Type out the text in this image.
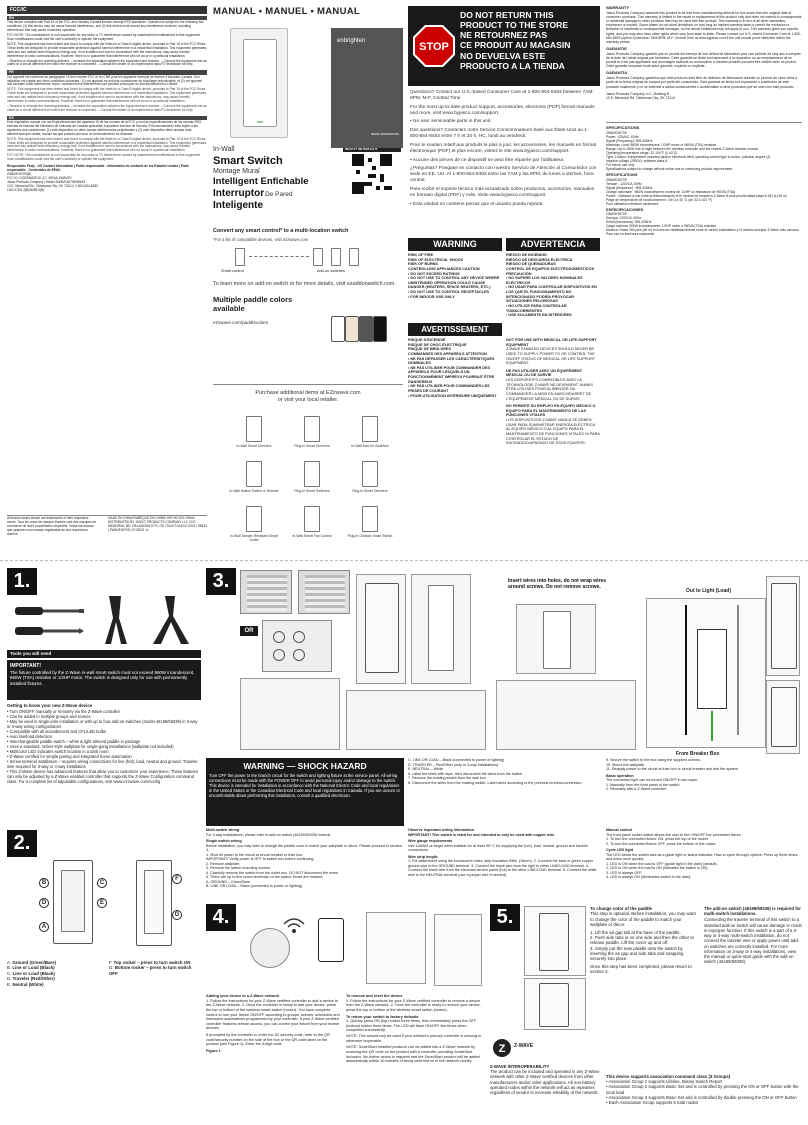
FCC/IC
EN

This device complies with Part 15 of the FCC and Industry Canada license-exempt RSS standards. Operation is subject to the following two conditions: (1) this device may not cause harmful interference, and (2) this device must accept any interference received, including interference that may cause undesired operation.

FCC NOTE: The manufacturer is not responsible for any radio or TV interference caused by unauthorized modifications to this equipment. Such modifications could void the user's authority to operate the equipment.

NOTE: This equipment has been tested and found to comply with the limits for a Class B digital device, pursuant to Part 15 of the FCC Rules. These limits are designed to provide reasonable protection against harmful interference in a residential installation. This equipment generates, uses and can radiate radio frequency energy and, if not installed and used in accordance with the instructions, may cause harmful interference to radio communications. However, there is no guarantee that interference will not occur in a particular installation.

– Reorient or relocate the receiving antenna. – Increase the separation between the equipment and receiver. – Connect the equipment into an outlet on a circuit different from which the receiver is connected. – Consult the dealer or an experienced radio/TV technician for help.

FR

Cet appareil est conforme au paragraphe 15 des normes FCC et au CNR pour les appareils exempts de licence d'Industrie Canada. Son utilisation est sujette aux deux conditions suivantes : (1) cet appareil ne doit pas occasionner de brouillage préjudiciable, et (2) cet appareil doit accepter toute interférence reçue, notamment les interférences qui peuvent provoquer un fonctionnement non désiré.

NOTE: This equipment has been tested and found to comply with the limits for a Class B digital device, pursuant to Part 15 of the FCC Rules. These limits are designed to provide reasonable protection against harmful interference in a residential installation. This equipment generates, uses and can radiate radio frequency energy and, if not installed and used in accordance with the instructions, may cause harmful interference to radio communications. However, there is no guarantee that interference will not occur in a particular installation.

– Reorient or relocate the receiving antenna. – Increase the separation between the equipment and receiver. – Connect the equipment into an outlet on a circuit different from which the receiver is connected. – Consult the dealer or an experienced radio/TV technician for help.

ES

Este dispositivo cumple con las Especificaciones del apartado 15 de las normas de la FCC y con las especificaciones de las normas RSS exentas de licencia del Ministerio de Industria de Canadá aplicables a aparatos exentos de licencia. El funcionamiento está sujeto a las siguientes dos condiciones: (1) este dispositivo no debe causar interferencias perjudiciales y (2) este dispositivo debe aceptar toda interferencia que reciba, incluso las que puedan provocar un funcionamiento no deseado.

NOTE: This equipment has been tested and found to comply with the limits for a Class B digital device, pursuant to Part 15 of the FCC Rules. These limits are designed to provide reasonable protection against harmful interference in a residential installation. This equipment generates, uses and can radiate radio frequency energy and, if not installed and used in accordance with the instructions, may cause harmful interference to radio communications. However, there is no guarantee that interference will not occur in a particular installation.

FCC NOTE: The manufacturer is not responsible for any radio or TV interference caused by unauthorized modifications to this equipment. Such modifications could void the user's authority to operate the equipment.

Responsible Party - US Contact Information | Partie responsable - Information de contacte de les Estados Unidos | Parte responsable - Contenidos de EEUU

ZWAVE45709(N)
FCC ID: GOE2WAVE10 | IC: 4924A-ZWAVE0
Jasco Products Company | Model ZWAVE45709/58433
10 E. Memorial Rd., Oklahoma City, OK 73114 | 1-800-654-8483
CAN ICES-3(B)/NMB-3(B)

All brand names shown are trademarks of their respective owner. Tous les noms de marque illustrés sont des marques de commerce de leurs propriétaires respectifs. Todas las marcas que aparecen son marcas registradas de sus respectivos dueños.

MADE IN CHINA/FABRIQUÉ EN CHINE/ HECHO EN CHINA DISTRIBUTED BY JASCO PRODUCTS COMPANY LLC 10 E. MEMORIAL RD. OKLAHOMA CITY, OK 73114 ©JASCO 2021 | 58433 | ZWAVE45709 | 07/28/21 v1

MANUAL • MANUEL • MANUAL
enbrighten
58433 ZWAVE45709
In-Wall
Smart Switch
Montage Mural
Intelligent Enfichable
Interruptor De Pared
Inteligente
READ IT OR WATCH IT
Convert any smart control* to a multi-location switch
*For a list of compatible devices, visit ezzwave.com
Smart control	Add-on switches
To learn more on add-on switch or for more details, visit ezaddonswitch.com.
Multiple paddle colors available
ezzwave.com/paddlecolors
Purchase additional items at EZzwave.com or visit your local retailer.
In-Wall Smart Dimmers	Plug-In Smart Dimmers	In-Wall Add-On Switches
In-Wall Motion Switch or Dimmer	Plug-In Smart Switches	Plug-In Smart Dimmers
In-Wall Tamper-Resistant Smart Outlet
In-Wall Smart Fan Control	Plug-In Outdoor Smart Switch
STOP
DO NOT RETURN THIS
PRODUCT TO THE STORE
NE RETOURNEZ PAS
CE PRODUIT AU MAGASIN
NO DEVUELVA ESTE
PRODUCTO A LA TIENDA

Questions? Contact our U.S.-based Consumer Care at 1-800-654-8483 between 7AM-8PM, M-F, Central Time.

For the most up-to-date product support, accessories, electronic (PDF) format manuals and more, visit www.byjasco.com/support.

• No user serviceable parts in this unit.

Des questions? Contactez notre Service Consommateurs basé aux États-Unis au 1-800-654-8483 entre 7 h et 20 h, HC, lundi au vendredi.

Pour le soutien relatif aux produits le plus à jour, les accessoires, les manuels en format électronique (PDF) et plus encore, visitez le site www.byjasco.com/support.

• Aucune des pièces de ce dispositif ne peut être réparée par l'utilisateur.

¿Preguntas? Póngase en contacto con nuestro Servicio de Atención al Consumidor con sede en EE. UU. Al 1-800-654-8483 entre las 7AM y las 8PM, de lunes a viernes, hora central.

Para recibir el soporte técnico más actualizado sobre productos, accesorios, manuales en formato digital (PDF) y más, visite www.byjasco.com/support.

• Esta unidad no contiene piezas que el usuario pueda reparar.

WARNING	ADVERTENCIA
RISK OF FIRE
RISK OF ELECTRICAL SHOCK
RISK OF BURNS
CONTROLLING APPLIANCES CAUTION
• DO NOT EXCEED RATINGS
• DO NOT USE TO CONTROL ANY DEVICE WHERE UNINTENDED OPERATION COULD CAUSE DANGER (HEATERS, SPACE HEATERS, ETC.)
• DO NOT USE TO CONTROL RECEPTACLES
• FOR INDOOR USE ONLY
RIESGO DE INCENDIO
RIESGO DE DESCARGA ELÉCTRICA
RIESGO DE QUEMADURAS
CONTROL DE EQUIPOS ELECTRODOMÉSTICOS PRECAUCIÓN
• NO SUPERE LOS VALORES NOMINALES ELÉCTRICOS
• NO USAR PARA CONTROLAR DISPOSITIVOS EN LOS QUE EL FUNCIONAMIENTO NO INTENCIONADO PODRÍA PROVOCAR SITUACIONES PELIGROSAS
• NO UTILICE PARA CONTROLAR TOMACORRIENTES
• USE SOLAMENTE EN INTERIORES
AVERTISSEMENT
RISQUE D'INCENDIE
RISQUE DE CHOC ÉLECTRIQUE
RISQUE DE BRÛLURES
COMMANDES DES APPAREILS ATTENTION
• NE PAS DÉPASSER LES CARACTÉRISTIQUES NOMINALES
• NE PAS UTILISER POUR COMMANDER DES APPAREILS POUR LESQUELS UN FONCTIONNEMENT IMPRÉVU POURRAIT ÊTRE DANGEREUX
• NE PAS UTILISER POUR COMMANDER LES PRISES DE COURANT
• POUR UTILISATION INTÉRIEURE UNIQUEMENT

NOT FOR USE WITH MEDICAL OR LIFE-SUPPORT EQUIPMENT

Z-WAVE ENABLED DEVICES SHOULD NEVER BE USED TO SUPPLY POWER TO OR CONTROL THE ON/OFF STATUS OF MEDICAL OR LIFE SUPPORT EQUIPMENT.

NE PAS UTILISER AVEC UN ÉQUIPEMENT MÉDICAL OU DE SURVIE

LES DISPOSITIFS COMPATIBLES AVEC LA TECHNOLOGIE Z-WAVE NE DEVRAIENT JAMAIS ÊTRE UTILISÉS POUR ALIMENTER OU COMMANDER LA MISE EN MARCHE/ARRÊT DE L'ÉQUIPEMENT MÉDICAL OU DE SURVIE.

NO PERMITE SU EMPLEO EN EQUIPO MÉDICO O EQUIPO PARA EL MANTENIMIENTO DE LAS FUNCIONES VITALES

LOS DISPOSITIVOS Z-WAVE NUNCA SE DEBEN USAR PARA SUMINISTRAR ENERGÍA ELÉCTRICA AL EQUIPO MÉDICO O AL EQUIPO PARA EL MANTENIMIENTO DE FUNCIONES VITALES NI PARA CONTROLAR EL ESTADO DE ENCENDIDO/APAGADO DE ESOS EQUIPOS.

WARRANTY

Jasco Products Company warrants this product to be free from manufacturing defects for five years from the original date of consumer purchase. This warranty is limited to the repair or replacement of this product only and does not extend to consequential or incidental damage to other products that may be used with this product. This warranty is in lieu of all other warranties, expressed or implied. Some states do not allow limitations on how long an implied warranty lasts or permit the exclusion or limitation of incidental or consequential damages, so the above limitations may not apply to you. This warranty gives you specific rights, and you may also have other rights which vary from state to state. Please contact our U.S.-based Consumer Care at 1-800-654-8483 (option 4) between 7AM-8PM, M-F, Central Time at www.byjasco.com if the unit should prove defective within the warranty period.

GARANTIE

Jasco Products Company garantit que ce produit est exempt de tout défaut de fabrication pour une période de cinq ans à compter de la date de l'achat original par l'acheteur. Cette garantie se limite exclusivement à la réparation ou au remplacement de ce produit et n'est pas applicable aux dommages indirects ou accessoires à d'autres produits pouvant être utilisés avec ce produit. Cette garantie remplace toute autre garantie, explicite ou implicite.

GARANTÍA

Jasco Products Company garantiza que este producto está libre de defectos de fabricación durante un período de cinco años a partir de la fecha original de compra por parte del consumidor. Esta garantía se limita a la reparación o sustitución de este producto solamente y no se extiende a daños consecuentes o accidentales a otros productos que se usen con este producto.

Jasco Products Company LLC, Building B

10 E. Memorial Rd. Oklahoma City, OK 73114

SPECIFICATIONS
ZWAVE45709
Power: 120VAC, 60Hz
Signal (Frequency): 908.42MHz
Maximum Load: 960W incandescent; 1/2HP motor or 960VA (TSA) resistive
Range: Up to 150ft. line of sight between the wireless controller and the closest Z-Wave receiver module
Operating temperature range: 32-104°F (0-40°C)
Type 1 Action: Independent mounted (and/or electronic wire) operating control type to action, pollution degree (2)
Impulse voltage (2500V), software class A
For indoor use only
Specifications subject to change without notice due to continuing product improvement.
SPÉCIFICATIONS
ZWAVE45709
Tension : 120VCA, 60Hz
Signal (fréquence) : 908,42MHz
Charge maximale : 960W incandescent; moteur de 1/2HP ou résistance de 960VA (TSA)
Portée : Distance à vue entre la télécommande et le module de réception Z-Wave le plus proche allant jusqu'à 150 pi (46 m)
Plage de température de fonctionnement : De 0 à 40 °C (de 32 à 104 °F)
Pour utilisation intérieure seulement
ESPECIFICACIONES
ZWAVE45709
Energía: 120VCA, 60Hz
Señal (frecuencia): 908,42MHz
Carga máxima: 960W incandescente; 1/2HP motor o 960VA (TSA) resistiva
Alcance: Hasta 150 pies (46 m) en línea de visibilidad directa entre el control inalámbrico y el módulo receptor Z-Wave más cercano
Para uso en interiores solamente
1.
Tools you will need
IMPORTANT!

The fixture controlled by the Z-Wave in-wall smart switch must not exceed 960W incandescent, 960W (TSA) resistive or 1/2HP motor. The switch is designed only for use with permanently installed fixtures.

Getting to know your new Z-Wave device
• Turn ON/OFF manually or remotely via the Z-Wave controller
• Can be added in multiple groups and scenes
• May be used in single-pole installation or with up to four add-on switches (model 46199/59339) in 3-way or 4-way wiring configurations
• Compatible with all incandescent and CFL/LED bulbs
• Auto line/load detection
• Interchangeable paddle switch – white & light almond paddle in package
• Uses a standard, rocker-style wallplate for single-gang installations (wallplate not included)
• Multicolor LED indicates switch location in a dark room
• Z-Wave certified for simple pairing and integrated home automation
• Screw terminal installation – requires wiring connections for live (hot), load, neutral and ground. Traveler wire required for 3-way or 4-way installation
• This Z-Wave device has advanced features that allow you to customize your experience. These features can only be adjusted by a Z-Wave enabled controller that supports the Z-Wave Configuration command class. For a complete list of adjustable configurations, visit www.ezzwave.com/config
2.
B
D
A
C
E
F
G
A. Ground (Green/Bare)
B. Line or Load (Black)
C. Line or Load (Black)
D. Traveler (Red/Other)
E. Neutral (White)
F. Top rocker – press to turn switch ON
G. Bottom rocker – press to turn switch OFF
3.
OR
Insert wires into holes, do not wrap wires around screws. Do not remove screws.
Out to Light (Load)
From Breaker Box
WARNING — SHOCK HAZARD

Turn OFF the power to the branch circuit for the switch and lighting fixture at the service panel. All wiring connections must be made with the POWER OFF to avoid personal injury and/or damage to the switch. This device is intended for installation in accordance with the National Electric Code and local regulations in the United States or the Canadian Electrical Code and local regulations in Canada. If you are unsure or uncomfortable about performing this installation, consult a qualified electrician.

C. LINE OR LOAD – Black (connected to power or lighting)
D. TRAVELER – Red/Other (only in 3-way installations)
E. NEUTRAL – White
6. Label the wires with tape, then disconnect the wires from the switch.
7. Remove the existing switch from the wall box.
8. Disconnect the wires from the existing switch. Label wires according to the previous terminal connection.
9. Secure the switch to the box using the supplied screws.
10. Mount the wallplate.
11. Reapply power to the circuit at fuse box or circuit breaker and test the system.
Basic operation
The connected light can be turned ON/OFF in two ways:
1. Manually from the front panel of the switch.
2. Remotely with a Z-Wave controller.
Multi-switch wiring

For 3-way installations, please refer to add-on switch (46199/59339) manual.

Single-switch wiring

Before installation, you may wish to change the paddle color to match your wallplate or décor. Please proceed to section 4.

1. Shut off power to the circuit at circuit breaker or fuse box.
IMPORTANT! Verify power is OFF to switch box before continuing.
2. Remove wallplate.
3. Remove the switch mounting screws.
4. Carefully remove the switch from the outlet box. DO NOT disconnect the wires.
5. There are up to five screw terminals on the switch; those are marked:
A. GROUND – Green/Bare
B. LINE OR LOAD – Black (connected to power or lighting)
Observe important wiring information

IMPORTANT! This switch is rated for and intended to only be used with copper wire.

Wire gauge requirements

Use 14AWG or larger wires suitable for at least 90° C for supplying the (hot), load, neutral, ground and traveler connections.

Wire strip length:

1. For attachment using the enclosure's holes, strip insulation 5/8in. (16mm). 2. Connect the bare or green copper ground wire to the GROUND terminal. 3. Connect the black wire from the light to either LINE/LOAD terminal. 4. Connect the black wire from the electrical service panel (hot) to the other LINE/LOAD terminal. 5. Connect the white wire to the NEUTRAL terminal (use a jumper wire if needed).

Manual control

The front panel rocker switch allows the user to turn ON/OFF the connected fixture.

1. To turn the connected fixture ON, press the top of the rocker.
2. To turn the connected fixture OFF, press the bottom of the rocker.
Cycle LED light

The LED below the switch acts as a guide light or status indicator. How to cycle through options: Press up three times and down once quickly.

1. LED is ON when the load is OFF (guide light in the dark) (default).
2. LED is ON when the load is ON (indicates the switch is ON).
3. LED is always OFF.
4. LED is always ON (illuminates switch in the dark).
4.
Adding your device to a Z-Wave network

1. Follow the instructions for your Z-Wave certified controller to add a device to the Z-Wave network. 2. Once the controller is ready to add your device, press the top or bottom of the wireless smart switch (rocker). You have complete control to turn your fixture ON/OFF according to groups, scenes, schedules and interactive automations programmed by your controller. If your Z-Wave certified controller features remote access, you can control your fixture from your mobile devices.

If prompted by the controller to enter the S2 security code, refer to the QR code/security number on the side of the box or the QR code label on the product (see Figure 1). Enter the 5-digit code.

Figure 1
To remove and reset the device

1. Follow the instructions for your Z-Wave certified controller to remove a device from the Z-Wave network. 2. Once the controller is ready to remove your device, press the top or bottom of the wireless smart switch (rocker).

To return your switch to factory defaults

1. Quickly press ON (top) button three times, then immediately press the OFF (bottom) button three times. The LED will flash ON/OFF five times when completed successfully.

NOTE: This should only be used if your network's primary controller is missing or otherwise inoperable.

NOTE: SmartStart enabled products can be added into a Z-Wave network by scanning the QR code on the product with a controller providing SmartStart inclusion. No further action is required and the SmartStart product will be added automatically within 10 minutes of being switched on in the network vicinity.

5.	To change color of the paddle

This step is optional. Before installation, you may want to change the color of the paddle to match your wallplate or décor.

1. Lift the air gap tab at the base of the paddle.
2. Push side tabs in on one side and then the other to release paddle. Lift the cover up and off.
3. Simply put the new paddle onto the switch by inserting the air gap and side tabs and snapping securely into place.

Once this step has been completed, please return to section 3.

The add-on switch (46199/59339) is required for multi-switch installations.

Connecting the traveler terminal of this switch to a standard add-on switch will cause damage or result in improper function. If this switch is a part of a 3-way or 4-way multi-switch installation, do not connect the traveler wire or apply power until add-on switches are correctly installed. For more information on 3-way or 4-way installations, view the manual or quick-start guide with the add-on switch (46199/59339).

Z Z-WAVE
Z-WAVE INTEROPERABILITY

The product can be included and operated in any Z-Wave network with other Z-Wave certified devices from other manufacturers and/or other applications. All non-battery operated nodes within the network will act as repeaters regardless of vendor to increase reliability of the network.

This device supports association command class (3 Groups)
• Association Group 1 supports Lifeline, Binary Switch Report
• Association Group 2 supports Basic Set and is controlled by pressing the ON or OFF button with the local load
• Association Group 3 supports Basic Set and is controlled by double pressing the ON or OFF button
• Each Association Group supports 5 total nodes
